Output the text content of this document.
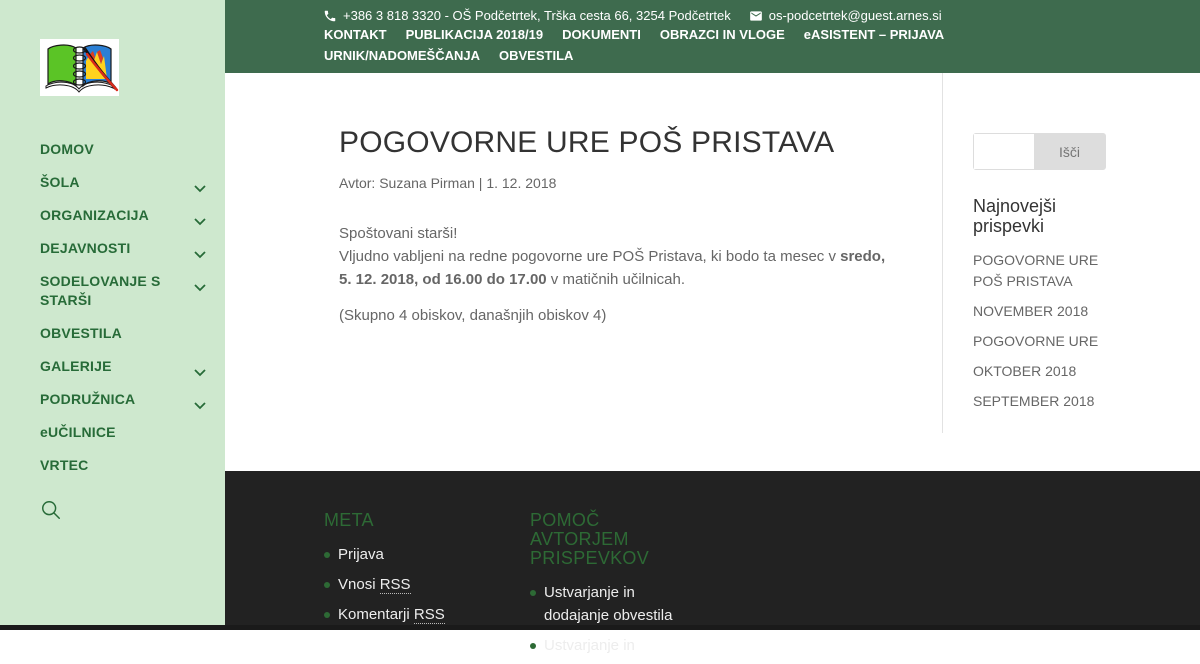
+386 3 818 3320 - OŠ Podčetrtek, Trška cesta 66, 3254 Podčetrtek	os-podcetrtek@guest.arnes.si
KONTAKT PUBLIKACIJA 2018/19 DOKUMENTI OBRAZCI IN VLOGE eASISTENT – PRIJAVA
URNIK/NADOMEŠČANJA OBVESTILA
DOMOV
ŠOLA
ORGANIZACIJA
DEJAVNOSTI
SODELOVANJE S STARŠI
OBVESTILA
GALERIJE
PODRUŽNICA
eUČILNICE
VRTEC
POGOVORNE URE POŠ PRISTAVA

Avtor: Suzana Pirman | 1. 12. 2018

Spoštovani starši!
Vljudno vabljeni na redne pogovorne ure POŠ Pristava, ki bodo ta mesec v sredo, 5. 12. 2018, od 16.00 do 17.00 v matičnih učilnicah.

(Skupno 4 obiskov, današnjih obiskov 4)

Išči
Najnovejši prispevki
POGOVORNE URE POŠ PRISTAVA
NOVEMBER 2018
POGOVORNE URE
OKTOBER 2018
SEPTEMBER 2018
META
Prijava
Vnosi RSS
Komentarji RSS
POMOČ AVTORJEM PRISPEVKOV
Ustvarjanje in dodajanje obvestila
Ustvarjanje in
